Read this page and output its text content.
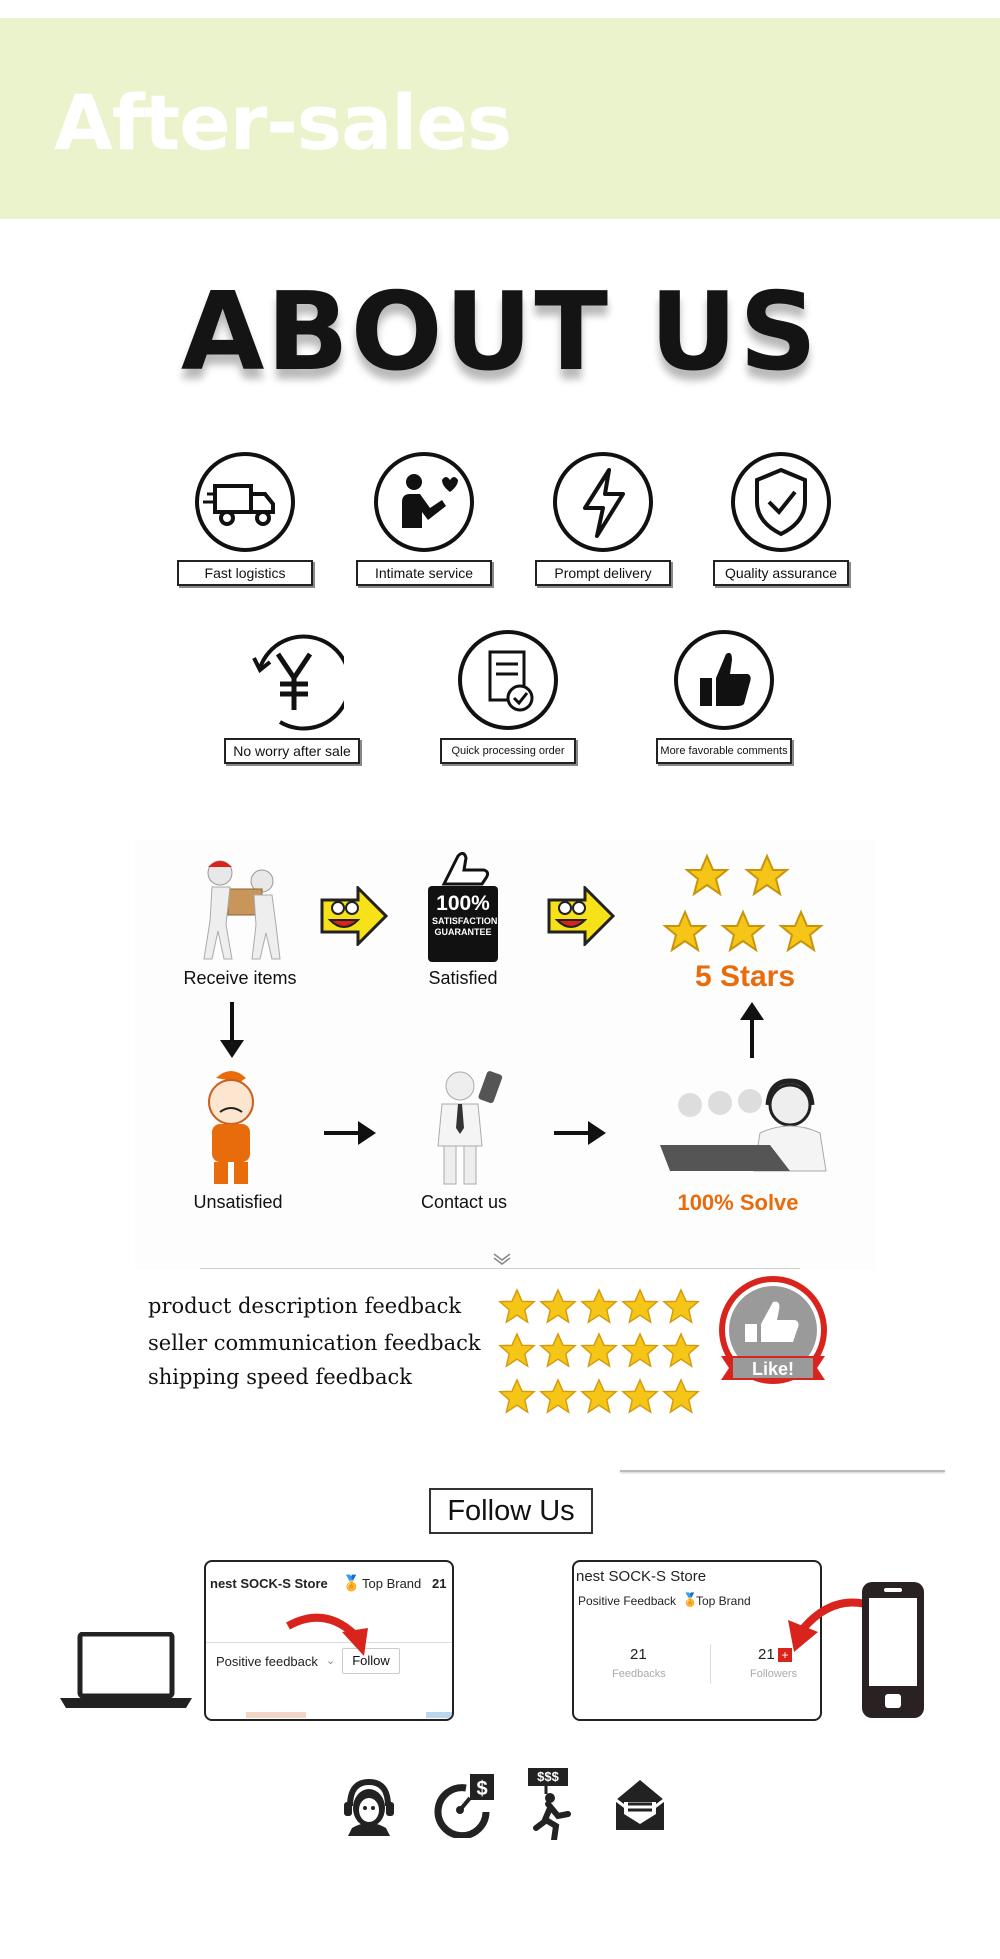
After-sales
ABOUT US
Fast logistics	Intimate service	Prompt delivery	Quality assurance
No worry after sale	Quick processing order	More favorable comments
Receive items
100%
SATISFACTION GUARANTEE
Satisfied	5 Stars
Unsatisfied	Contact us	100% Solve
product description feedback
seller communication feedback
shipping speed feedback	Like!
Follow Us
nest SOCK-S Store 🏅 Top Brand 21
Positive feedback ⌄	Follow
nest SOCK-S Store
Positive Feedback 🏅
Top Brand
21
Feedbacks
21 +
Followers
$
$$$
